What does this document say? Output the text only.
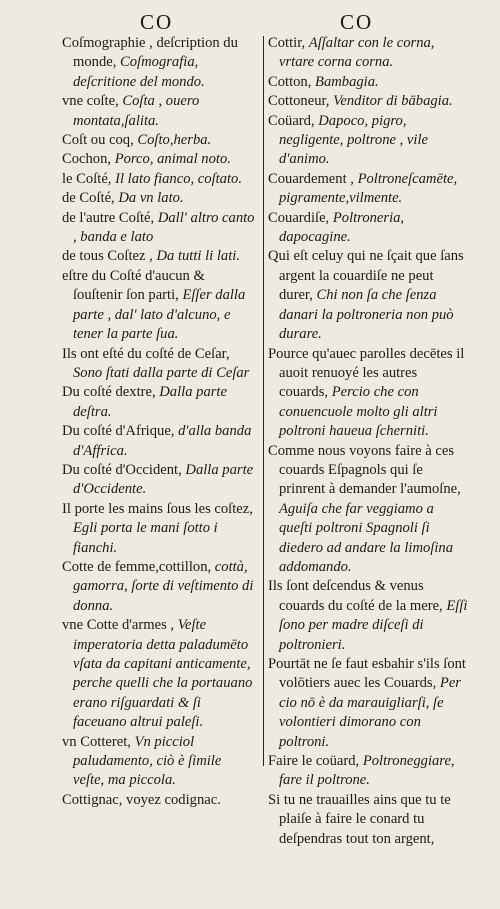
CO	CO

Coſmographie , deſcription du monde, Coſmografia, deſcritione del mondo.

vne coſte, Coſta , ouero montata,ſalita.

Coſt ou coq, Coſto,herba.

Cochon, Porco, animal noto.

le Coſté, Il lato fianco, coſtato.

de Coſté, Da vn lato.

de l'autre Coſté, Dall' altro canto , banda e lato

de tous Coſtez , Da tutti li lati.

eſtre du Coſté d'aucun & ſouſtenir ſon parti, Eſſer dalla parte , dal' lato d'alcuno, e tener la parte ſua.

Ils ont eſté du coſté de Ceſar, Sono ſtati dalla parte di Ceſar

Du coſté dextre, Dalla parte deſtra.

Du coſté d'Afrique, d'alla banda d'Affrica.

Du coſté d'Occident, Dalla parte d'Occidente.

Il porte les mains ſous les coſtez, Egli porta le mani ſotto i fianchi.

Cotte de femme,cottillon, cottà, gamorra, ſorte di veſtimento di donna.

vne Cotte d'armes , Veſte imperatoria detta paladumēto vſata da capitani anticamente, perche quelli che la portauano erano riſguardati & ſi faceuano altrui paleſi.

vn Cotteret, Vn picciol paludamento, ciò è ſimile veſte, ma piccola.

Cottignac, voyez codignac.

Cottir, Aſſaltar con le corna, vrtare corna corna.

Cotton, Bambagia.

Cottoneur, Venditor di bābagia.

Coüard, Dapoco, pigro, negligente, poltrone , vile d'animo.

Couardement , Poltroneſcamēte, pigramente,vilmente.

Couardiſe, Poltroneria, dapocagine.

Qui eſt celuy qui ne ſçait que ſans argent la couardiſe ne peut durer, Chi non ſa che ſenza danari la poltroneria non può durare.

Pource qu'auec parolles decētes il auoit renuoyé les autres couards, Percio che con conuencuole molto gli altri poltroni haueua ſcherniti.

Comme nous voyons faire à ces couards Eſpagnols qui ſe prinrent à demander l'aumoſne, Aguiſa che far veggiamo a queſti poltroni Spagnoli ſi diedero ad andare la limoſina addomando.

Ils ſont deſcendus & venus couards du coſté de la mere, Eſſi ſono per madre diſceſi di poltronieri.

Pourtāt ne ſe faut esbahir s'ils ſont volōtiers auec les Couards, Per cio nō è da marauigliarſi, ſe volontieri dimorano con poltroni.

Faire le coüard, Poltroneggiare, fare il poltrone.

Si tu ne trauailles ains que tu te plaiſe à faire le conard tu deſpendras tout ton argent,
